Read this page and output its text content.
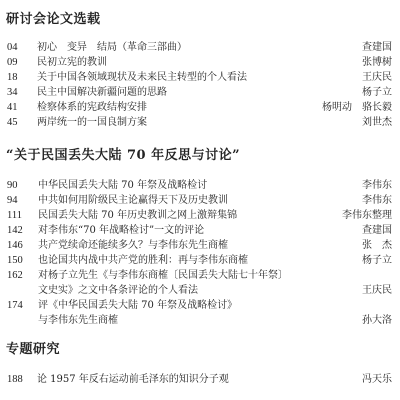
研讨会论文选载
04	初心　变异　结局（革命三部曲）	查建国
09	民初立宪的教训	张博树
18	关于中国各领域现状及未来民主转型的个人看法	王庆民
34	民主中国解决新疆问题的思路	杨子立
41	检察体系的宪政结构安排	杨明动　骆长毅
45	两岸统一的一国良制方案	刘世杰
“关于民国丢失大陆 70 年反思与讨论”
90	中华民国丢失大陆 70 年祭及战略检讨	李伟东
94	中共如何用阶级民主论赢得天下及历史教训	李伟东
111	民国丢失大陆 70 年历史教训之网上激辩集锦	李伟东整理
142	对李伟东“70 年战略检讨”一文的评论	查建国
146	共产党续命还能续多久？与李伟东先生商榷	张　杰
150	也论国共内战中共产党的胜利：再与李伟东商榷	杨子立
162	对杨子立先生《与李伟东商榷〔民国丢失大陆七十年祭〕
文史实》之文中各条评论的个人看法	王庆民
174	评《中华民国丢失大陆 70 年祭及战略检讨》
与李伟东先生商榷	孙大洛
专题研究
188	论 1957 年反右运动前毛泽东的知识分子观	冯天乐
